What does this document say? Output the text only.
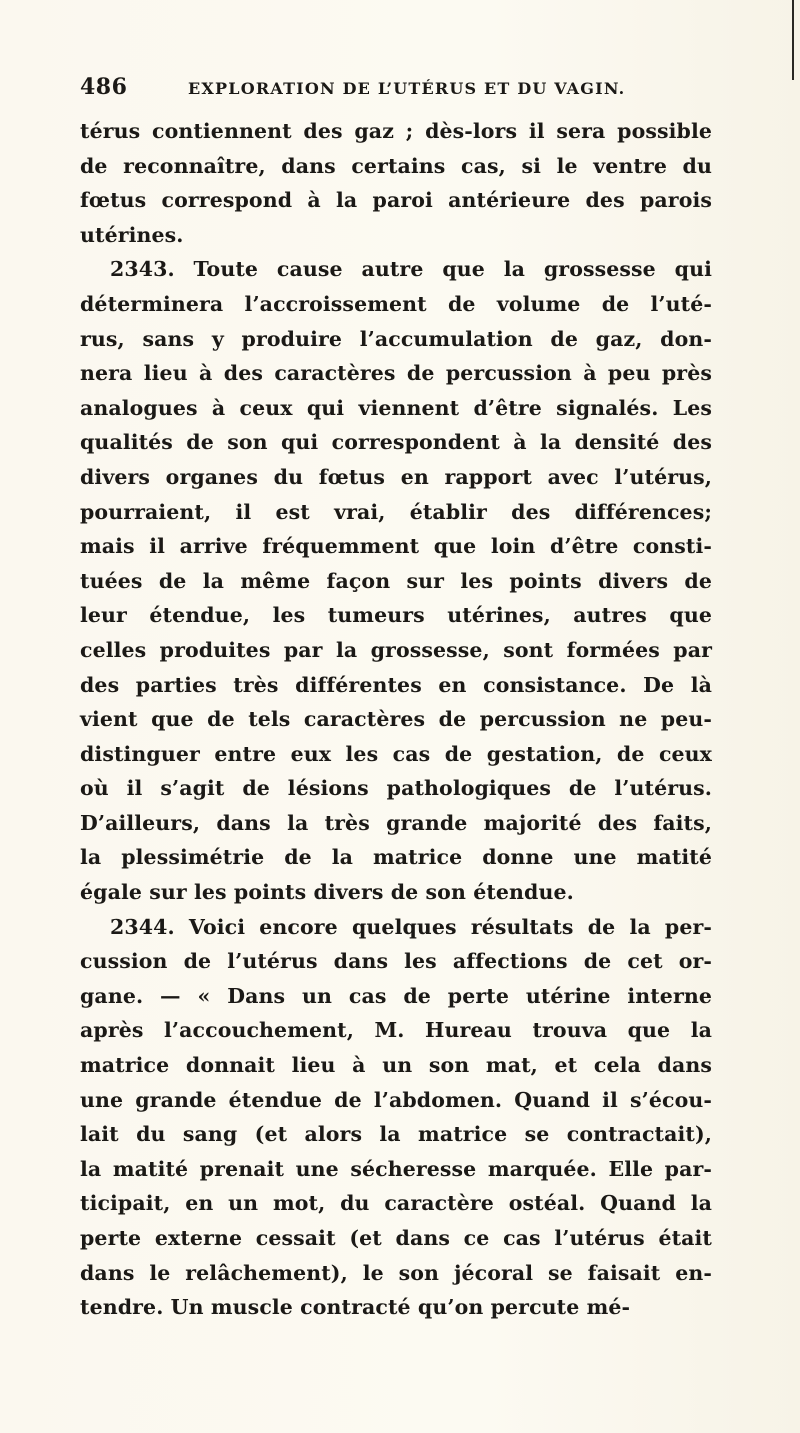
486	EXPLORATION DE L’UTÉRUS ET DU VAGIN.
térus contiennent des gaz ; dès-lors il sera possible
de reconnaître, dans certains cas, si le ventre du
fœtus correspond à la paroi antérieure des parois
utérines.
2343. Toute cause autre que la grossesse qui
déterminera l’accroissement de volume de l’uté-
rus, sans y produire l’accumulation de gaz, don-
nera lieu à des caractères de percussion à peu près
analogues à ceux qui viennent d’être signalés. Les
qualités de son qui correspondent à la densité des
divers organes du fœtus en rapport avec l’utérus,
pourraient, il est vrai, établir des différences;
mais il arrive fréquemment que loin d’être consti-
tuées de la même façon sur les points divers de
leur étendue, les tumeurs utérines, autres que
celles produites par la grossesse, sont formées par
des parties très différentes en consistance. De là
vient que de tels caractères de percussion ne peu-
distinguer entre eux les cas de gestation, de ceux
où il s’agit de lésions pathologiques de l’utérus.
D’ailleurs, dans la très grande majorité des faits,
la plessimétrie de la matrice donne une matité
égale sur les points divers de son étendue.
2344. Voici encore quelques résultats de la per-
cussion de l’utérus dans les affections de cet or-
gane. — « Dans un cas de perte utérine interne
après l’accouchement, M. Hureau trouva que la
matrice donnait lieu à un son mat, et cela dans
une grande étendue de l’abdomen. Quand il s’écou-
lait du sang (et alors la matrice se contractait),
la matité prenait une sécheresse marquée. Elle par-
ticipait, en un mot, du caractère ostéal. Quand la
perte externe cessait (et dans ce cas l’utérus était
dans le relâchement), le son jécoral se faisait en-
tendre. Un muscle contracté qu’on percute mé-
